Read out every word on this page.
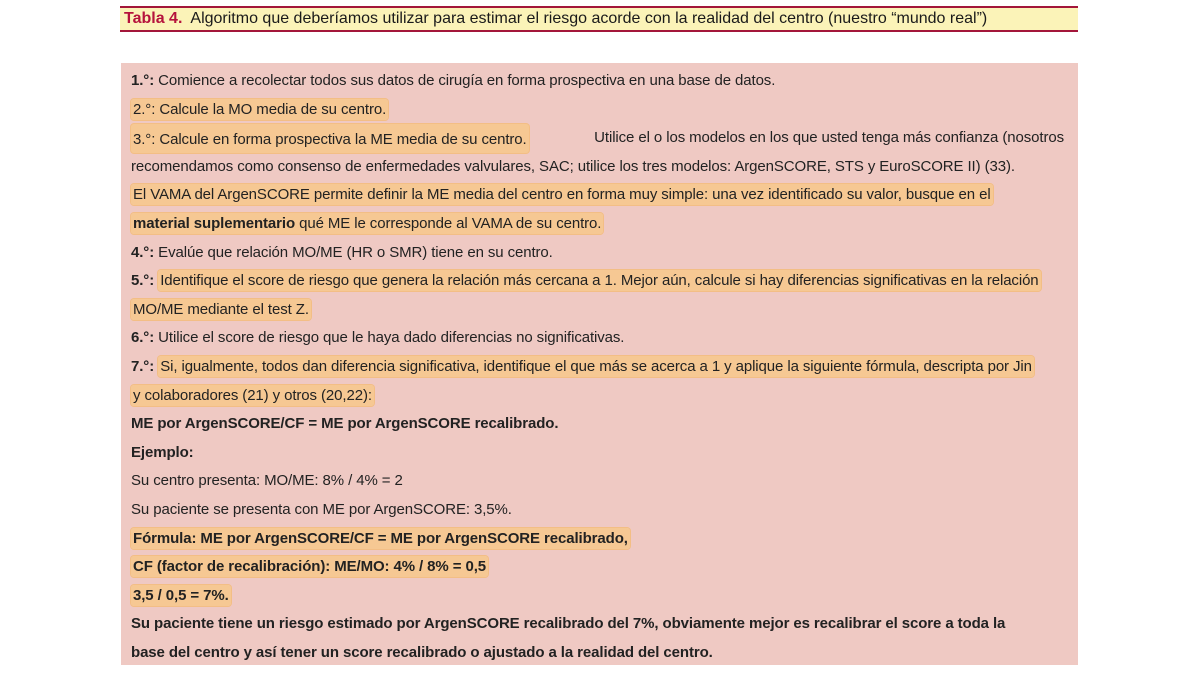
Tabla 4. Algoritmo que deberíamos utilizar para estimar el riesgo acorde con la realidad del centro (nuestro “mundo real”)
1.°: Comience a recolectar todos sus datos de cirugía en forma prospectiva en una base de datos.
2.°: Calcule la MO media de su centro.
3.°: Calcule en forma prospectiva la ME media de su centro.	Utilice el o los modelos en los que usted tenga más confianza (nosotros
recomendamos como consenso de enfermedades valvulares, SAC; utilice los tres modelos: ArgenSCORE, STS y EuroSCORE II) (33).
El VAMA del ArgenSCORE permite definir la ME media del centro en forma muy simple: una vez identificado su valor, busque en el
material suplementario qué ME le corresponde al VAMA de su centro.
4.°: Evalúe que relación MO/ME (HR o SMR) tiene en su centro.
5.°: Identifique el score de riesgo que genera la relación más cercana a 1. Mejor aún, calcule si hay diferencias significativas en la relación
MO/ME mediante el test Z.
6.°: Utilice el score de riesgo que le haya dado diferencias no significativas.
7.°: Si, igualmente, todos dan diferencia significativa, identifique el que más se acerca a 1 y aplique la siguiente fórmula, descripta por Jin
y colaboradores (21) y otros (20,22):
ME por ArgenSCORE/CF = ME por ArgenSCORE recalibrado.
Ejemplo:
Su centro presenta: MO/ME: 8% / 4% = 2
Su paciente se presenta con ME por ArgenSCORE: 3,5%.
Fórmula: ME por ArgenSCORE/CF = ME por ArgenSCORE recalibrado,
CF (factor de recalibración): ME/MO: 4% / 8% = 0,5
3,5 / 0,5 = 7%.
Su paciente tiene un riesgo estimado por ArgenSCORE recalibrado del 7%, obviamente mejor es recalibrar el score a toda la
base del centro y así tener un score recalibrado o ajustado a la realidad del centro.
